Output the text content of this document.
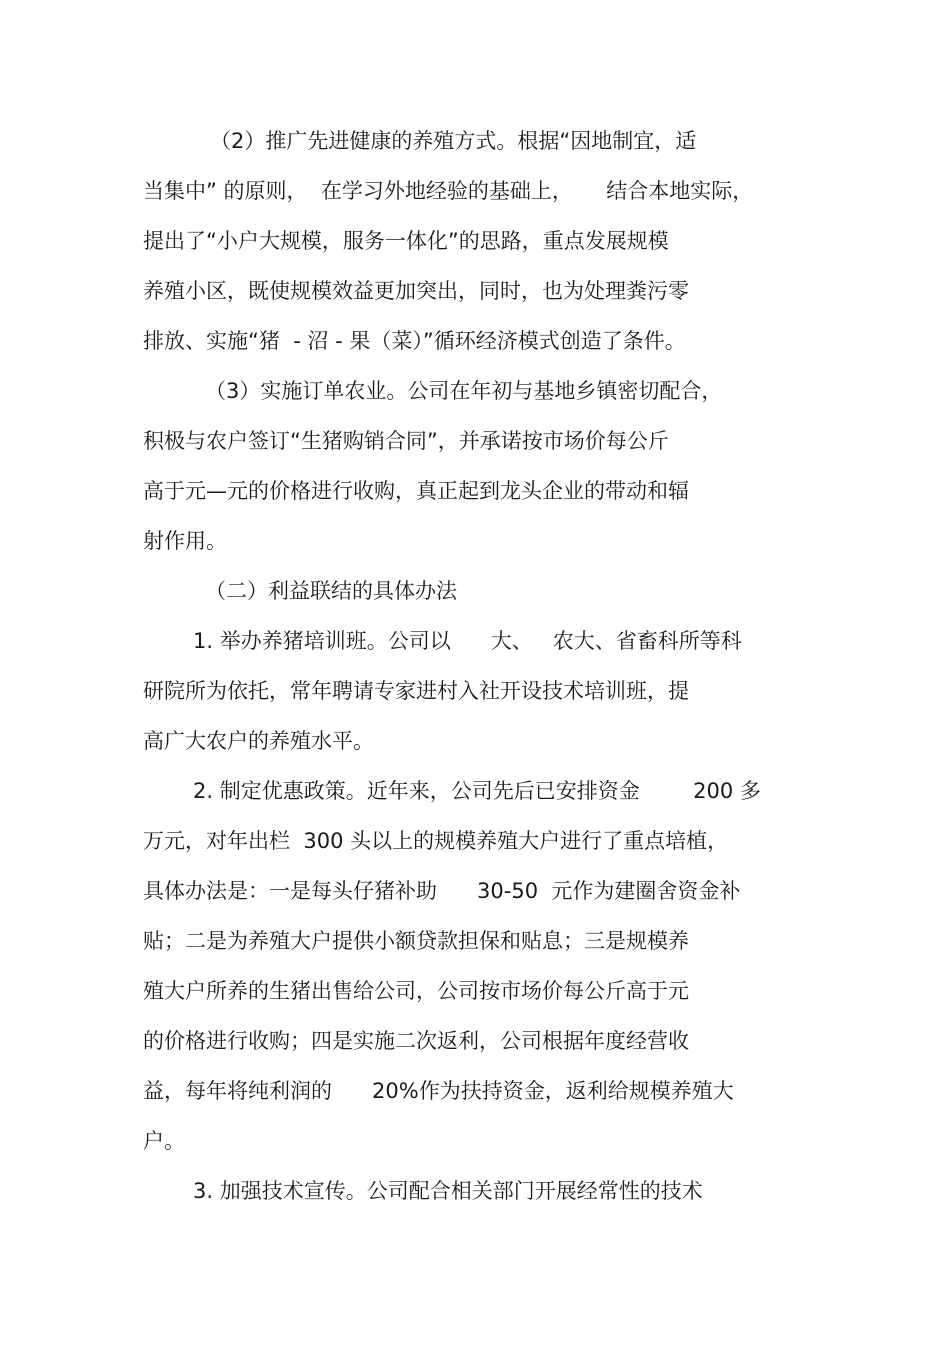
（2）推广先进健康的养殖方式。根据“因地制宜，适
当集中” 的原则，  在学习外地经验的基础上，     结合本地实际，
提出了“小户大规模，服务一体化”的思路，重点发展规模
养殖小区，既使规模效益更加突出，同时，也为处理粪污零
排放、实施“猪  - 沼 - 果（菜）”循环经济模式创造了条件。
（3）实施订单农业。公司在年初与基地乡镇密切配合，
积极与农户签订“生猪购销合同”，并承诺按市场价每公斤
高于元—元的价格进行收购，真正起到龙头企业的带动和辐
射作用。
（二）利益联结的具体办法
1. 举办养猪培训班。公司以      大、   农大、省畜科所等科
研院所为依托，常年聘请专家进村入社开设技术培训班，提
高广大农户的养殖水平。
2. 制定优惠政策。近年来，公司先后已安排资金        200 多
万元，对年出栏  300 头以上的规模养殖大户进行了重点培植，
具体办法是：一是每头仔猪补助      30-50  元作为建圈舍资金补
贴；二是为养殖大户提供小额贷款担保和贴息；三是规模养
殖大户所养的生猪出售给公司，公司按市场价每公斤高于元
的价格进行收购；四是实施二次返利，公司根据年度经营收
益，每年将纯利润的      20%作为扶持资金，返利给规模养殖大
户。
3. 加强技术宣传。公司配合相关部门开展经常性的技术
